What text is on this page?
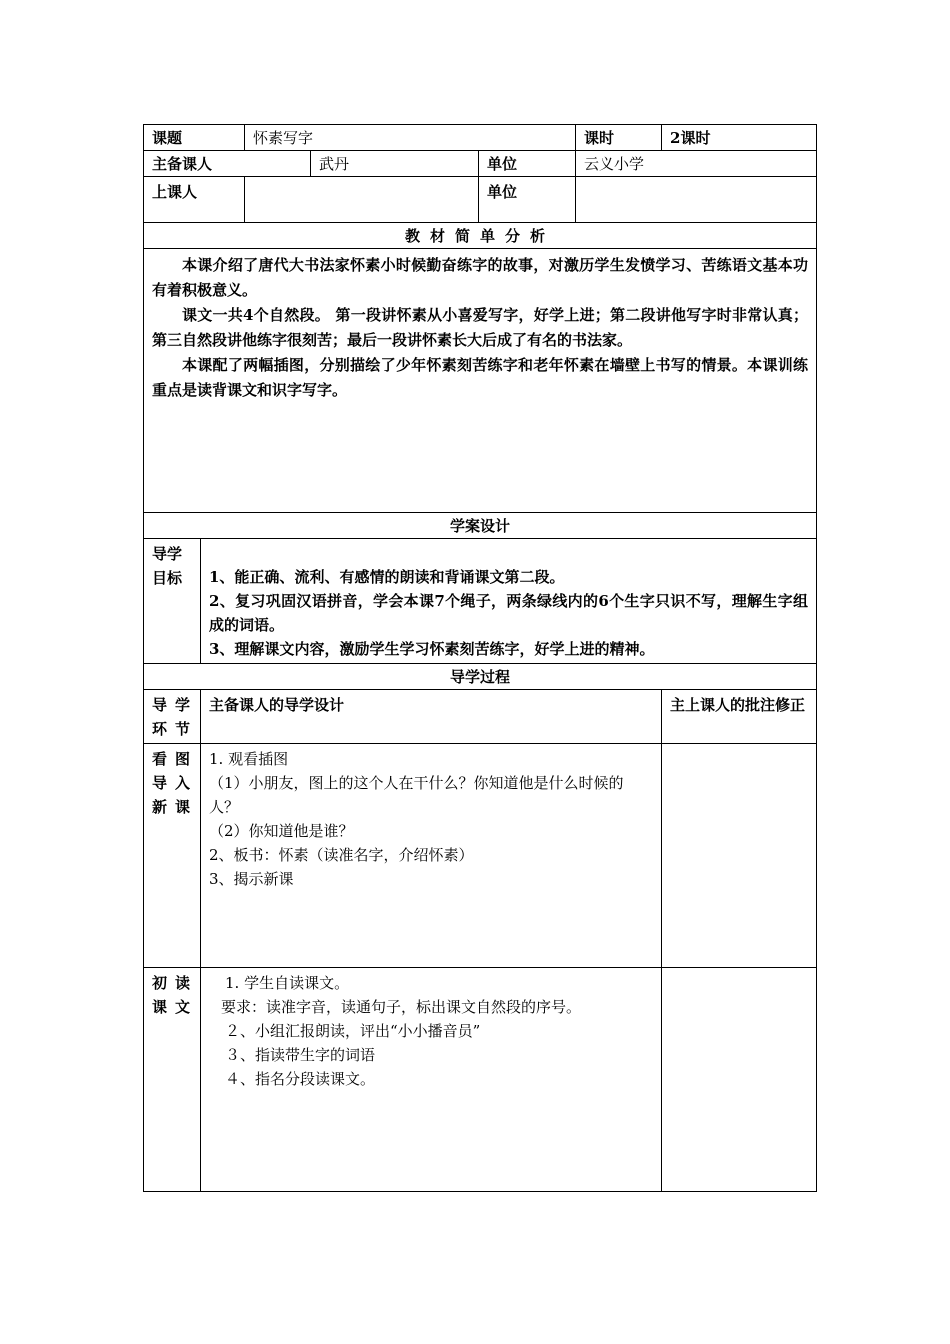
课题		怀素写字			课时	2课时
主备课人			武丹	单位	云义小学	
上课人				单位		
教材简单分析						

本课介绍了唐代大书法家怀素小时候勤奋练字的故事，对激历学生发愤学习、苦练语文基本功有着积极意义。

课文一共4个自然段。 第一段讲怀素从小喜爱写字，好学上进；第二段讲他写字时非常认真；第三自然段讲他练字很刻苦；最后一段讲怀素长大后成了有名的书法家。

本课配了两幅插图，分别描绘了少年怀素刻苦练字和老年怀素在墙壁上书写的情景。本课训练重点是读背课文和识字写字。						

学案设计						
导学目标	1、能正确、流利、有感情的朗读和背诵课文第二段。

2、复习巩固汉语拼音，学会本课7个绳子，两条绿线内的6个生字只识不写，理解生字组成的词语。

3、理解课文内容，激励学生学习怀素刻苦练字，好学上进的精神。					

导学过程						
导学环节	主备课人的导学设计					主上课人的批注修正
看图导入新课	1. 观看插图

（1）小朋友，图上的这个人在干什么？你知道他是什么时候的人？

（2）你知道他是谁？

2、板书：怀素（读准名字，介绍怀素）

3、揭示新课					

初读课文	1. 学生自读课文。

要求：读准字音，读通句子，标出课文自然段的序号。

２、小组汇报朗读，评出“小小播音员”

３、指读带生字的词语

４、指名分段读课文。					
